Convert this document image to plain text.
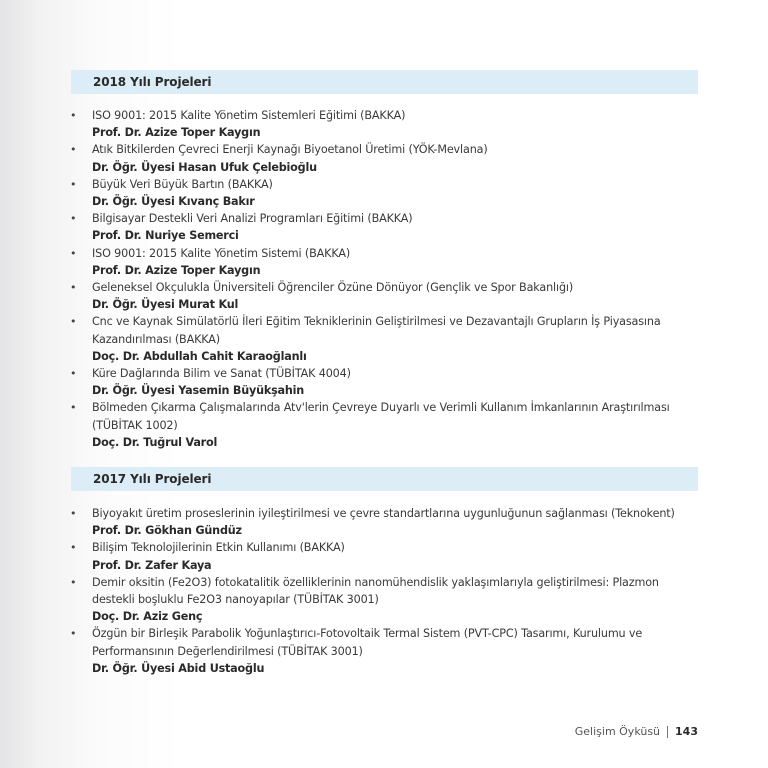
2018 Yılı Projeleri
• ISO 9001: 2015 Kalite Yönetim Sistemleri Eğitimi (BAKKA)
Prof. Dr. Azize Toper Kaygın
• Atık Bitkilerden Çevreci Enerji Kaynağı Biyoetanol Üretimi (YÖK-Mevlana)
Dr. Öğr. Üyesi Hasan Ufuk Çelebioğlu
• Büyük Veri Büyük Bartın (BAKKA)
Dr. Öğr. Üyesi Kıvanç Bakır
• Bilgisayar Destekli Veri Analizi Programları Eğitimi (BAKKA)
Prof. Dr. Nuriye Semerci
• ISO 9001: 2015 Kalite Yönetim Sistemi (BAKKA)
Prof. Dr. Azize Toper Kaygın
• Geleneksel Okçulukla Üniversiteli Öğrenciler Özüne Dönüyor (Gençlik ve Spor Bakanlığı)
Dr. Öğr. Üyesi Murat Kul
• Cnc ve Kaynak Simülatörlü İleri Eğitim Tekniklerinin Geliştirilmesi ve Dezavantajlı Grupların İş Piyasasına Kazandırılması (BAKKA)
Doç. Dr. Abdullah Cahit Karaoğlanlı
• Küre Dağlarında Bilim ve Sanat (TÜBİTAK 4004)
Dr. Öğr. Üyesi Yasemin Büyükşahin
• Bölmeden Çıkarma Çalışmalarında Atv'lerin Çevreye Duyarlı ve Verimli Kullanım İmkanlarının Araştırılması (TÜBİTAK 1002)
Doç. Dr. Tuğrul Varol
2017 Yılı Projeleri
• Biyoyakıt üretim proseslerinin iyileştirilmesi ve çevre standartlarına uygunluğunun sağlanması (Teknokent)
Prof. Dr. Gökhan Gündüz
• Bilişim Teknolojilerinin Etkin Kullanımı (BAKKA)
Prof. Dr. Zafer Kaya
• Demir oksitin (Fe2O3) fotokatalitik özelliklerinin nanomühendislik yaklaşımlarıyla geliştirilmesi: Plazmon destekli boşluklu Fe2O3 nanoyapılar (TÜBİTAK 3001)
Doç. Dr. Aziz Genç
• Özgün bir Birleşik Parabolik Yoğunlaştırıcı-Fotovoltaik Termal Sistem (PVT-CPC) Tasarımı, Kurulumu ve Performansının Değerlendirilmesi (TÜBİTAK 3001)
Dr. Öğr. Üyesi Abid Ustaoğlu
Gelişim Öyküsü 143
